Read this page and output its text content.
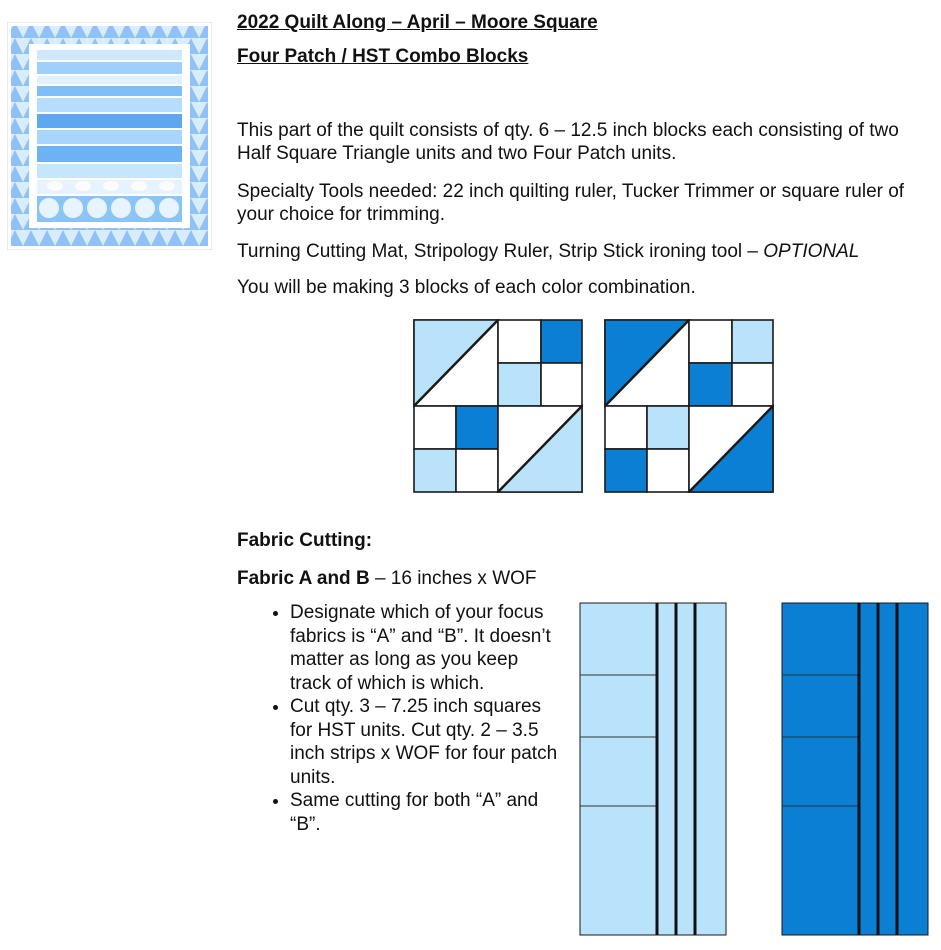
2022 Quilt Along – April – Moore Square
Four Patch / HST Combo Blocks
This part of the quilt consists of qty. 6 – 12.5 inch blocks each consisting of two Half Square Triangle units and two Four Patch units.
Specialty Tools needed: 22 inch quilting ruler, Tucker Trimmer or square ruler of your choice for trimming.
Turning Cutting Mat, Stripology Ruler, Strip Stick ironing tool – OPTIONAL
You will be making 3 blocks of each color combination.
Fabric Cutting:
Fabric A and B – 16 inches x WOF
• Designate which of your focus fabrics is “A” and “B”. It doesn’t matter as long as you keep track of which is which.
• Cut qty. 3 – 7.25 inch squares for HST units. Cut qty. 2 – 3.5 inch strips x WOF for four patch units.
• Same cutting for both “A” and “B”.
